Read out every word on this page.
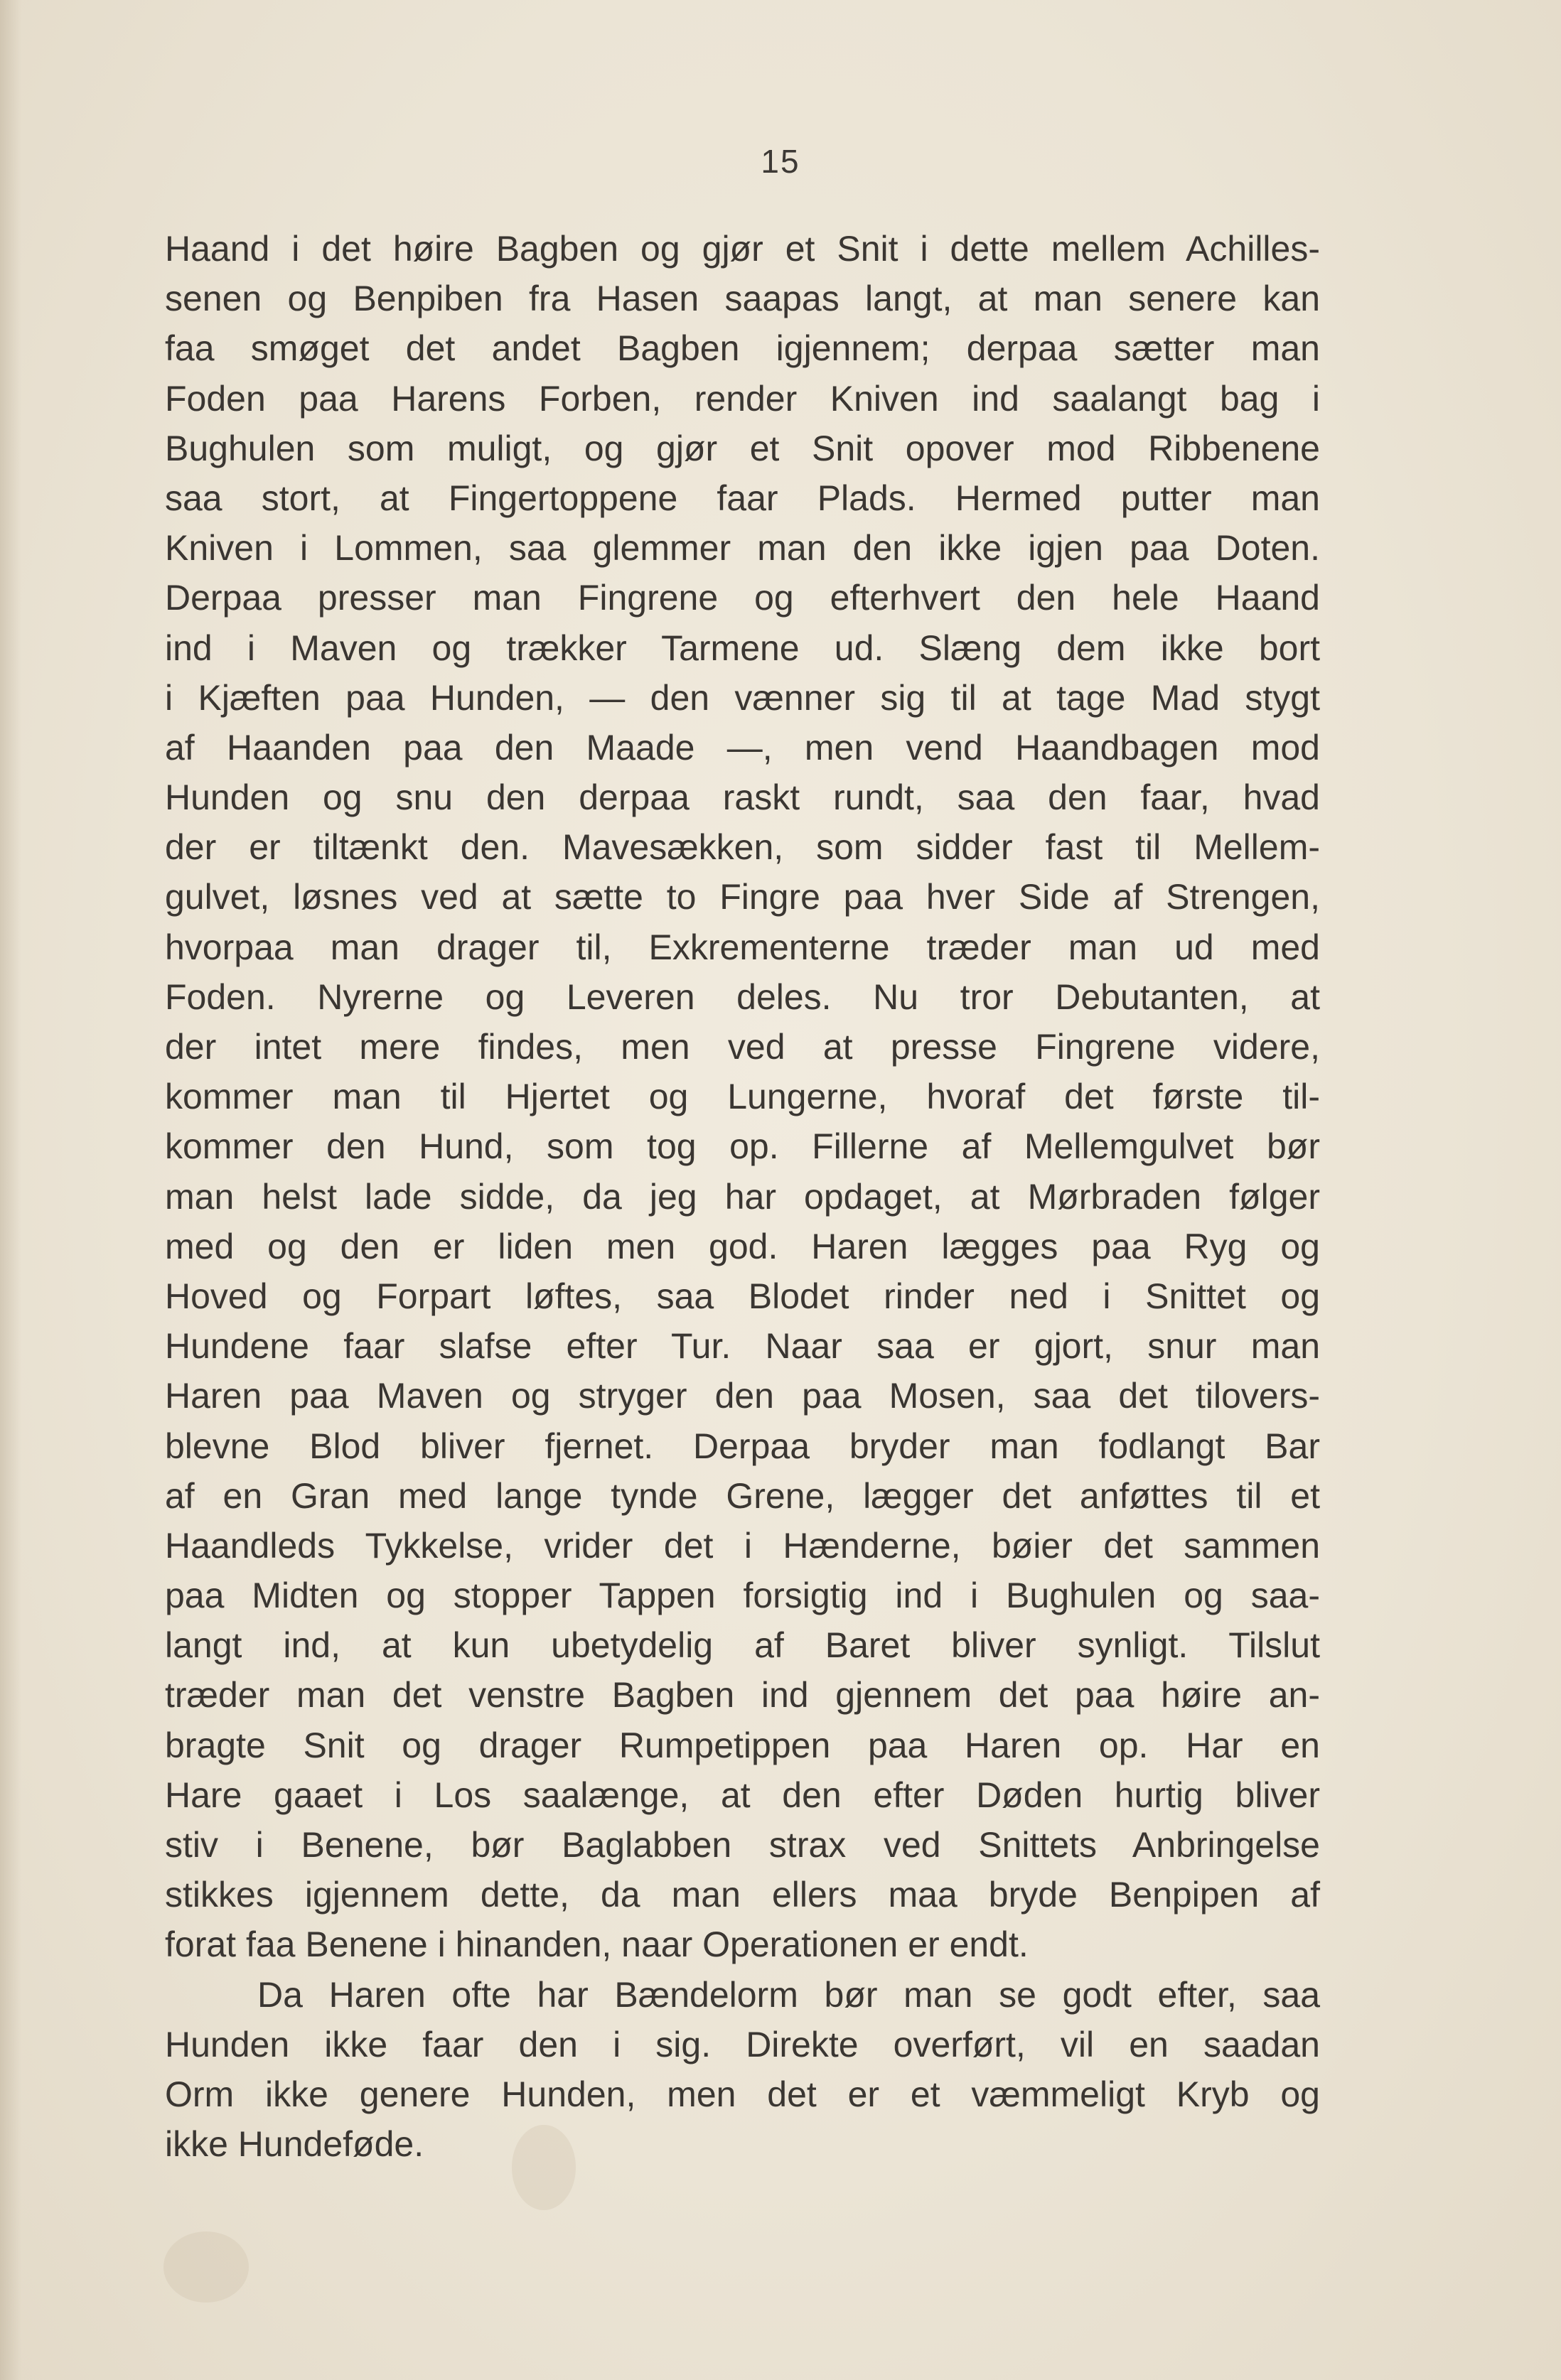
15
Haand i det høire Bagben og gjør et Snit i dette mellem Achilles-
senen og Benpiben fra Hasen saapas langt, at man senere kan
faa smøget det andet Bagben igjennem; derpaa sætter man
Foden paa Harens Forben, render Kniven ind saalangt bag i
Bughulen som muligt, og gjør et Snit opover mod Ribbenene
saa stort, at Fingertoppene faar Plads. Hermed putter man
Kniven i Lommen, saa glemmer man den ikke igjen paa Doten.
Derpaa presser man Fingrene og efterhvert den hele Haand
ind i Maven og trækker Tarmene ud. Slæng dem ikke bort
i Kjæften paa Hunden, — den vænner sig til at tage Mad stygt
af Haanden paa den Maade —, men vend Haandbagen mod
Hunden og snu den derpaa raskt rundt, saa den faar, hvad
der er tiltænkt den. Mavesækken, som sidder fast til Mellem-
gulvet, løsnes ved at sætte to Fingre paa hver Side af Strengen,
hvorpaa man drager til, Exkrementerne træder man ud med
Foden. Nyrerne og Leveren deles. Nu tror Debutanten, at
der intet mere findes, men ved at presse Fingrene videre,
kommer man til Hjertet og Lungerne, hvoraf det første til-
kommer den Hund, som tog op. Fillerne af Mellemgulvet bør
man helst lade sidde, da jeg har opdaget, at Mørbraden følger
med og den er liden men god. Haren lægges paa Ryg og
Hoved og Forpart løftes, saa Blodet rinder ned i Snittet og
Hundene faar slafse efter Tur. Naar saa er gjort, snur man
Haren paa Maven og stryger den paa Mosen, saa det tilovers-
blevne Blod bliver fjernet. Derpaa bryder man fodlangt Bar
af en Gran med lange tynde Grene, lægger det anføttes til et
Haandleds Tykkelse, vrider det i Hænderne, bøier det sammen
paa Midten og stopper Tappen forsigtig ind i Bughulen og saa-
langt ind, at kun ubetydelig af Baret bliver synligt. Tilslut
træder man det venstre Bagben ind gjennem det paa høire an-
bragte Snit og drager Rumpetippen paa Haren op. Har en
Hare gaaet i Los saalænge, at den efter Døden hurtig bliver
stiv i Benene, bør Baglabben strax ved Snittets Anbringelse
stikkes igjennem dette, da man ellers maa bryde Benpipen af
forat faa Benene i hinanden, naar Operationen er endt.
Da Haren ofte har Bændelorm bør man se godt efter, saa
Hunden ikke faar den i sig. Direkte overført, vil en saadan
Orm ikke genere Hunden, men det er et væmmeligt Kryb og
ikke Hundeføde.
